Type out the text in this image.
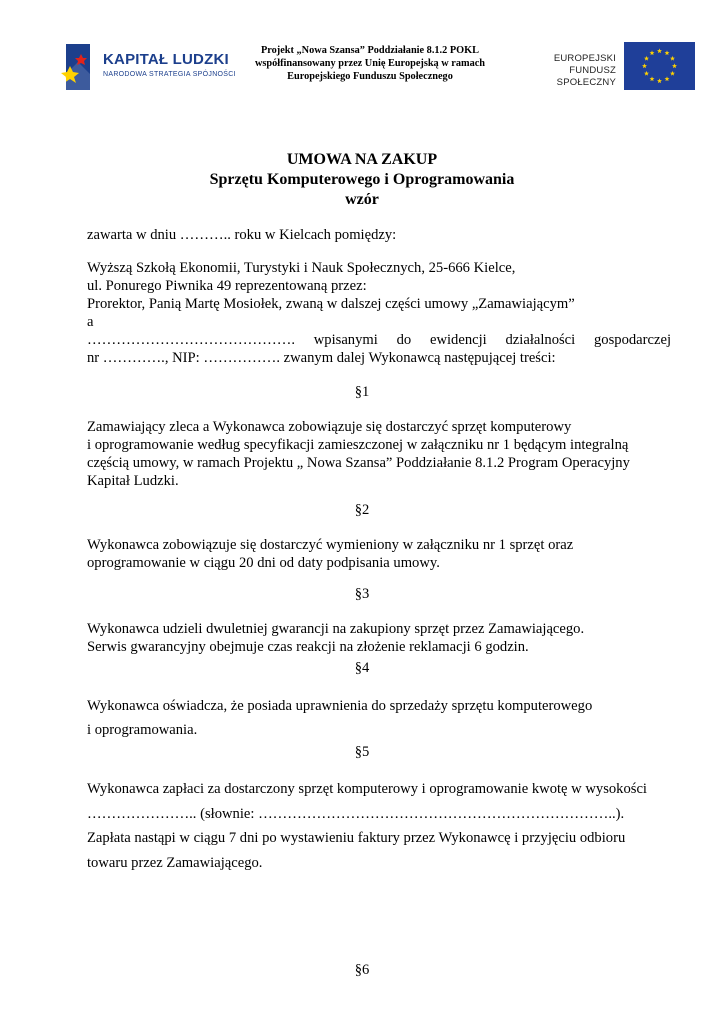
KAPITAŁ LUDZKI
NARODOWA STRATEGIA SPÓJNOŚCI
Projekt „Nowa Szansa” Poddziałanie 8.1.2 POKL
współfinansowany przez Unię Europejską w ramach
Europejskiego Funduszu Społecznego
EUROPEJSKI
FUNDUSZ SPOŁECZNY
UMOWA NA ZAKUP
Sprzętu Komputerowego i Oprogramowania
wzór
zawarta w dniu ……….. roku w Kielcach pomiędzy:
Wyższą Szkołą Ekonomii, Turystyki i Nauk Społecznych, 25-666 Kielce,
ul. Ponurego Piwnika 49 reprezentowaną przez:
Prorektor, Panią Martę Mosiołek, zwaną w dalszej części umowy „Zamawiającym”
a
……………………………………. wpisanymi do ewidencji działalności gospodarczej
nr …………., NIP: ……………. zwanym dalej Wykonawcą następującej treści:
§1
Zamawiający zleca a Wykonawca zobowiązuje się dostarczyć sprzęt komputerowy
i oprogramowanie według specyfikacji zamieszczonej w załączniku nr 1 będącym integralną
częścią umowy, w ramach Projektu „ Nowa Szansa” Poddziałanie 8.1.2 Program Operacyjny
Kapitał Ludzki.
§2
Wykonawca zobowiązuje się dostarczyć wymieniony w załączniku nr 1 sprzęt oraz
oprogramowanie w ciągu 20 dni od daty podpisania umowy.
§3
Wykonawca udzieli dwuletniej gwarancji na zakupiony sprzęt przez Zamawiającego.
Serwis gwarancyjny obejmuje czas reakcji na złożenie reklamacji 6 godzin.
§4
Wykonawca oświadcza, że posiada uprawnienia do sprzedaży sprzętu komputerowego
i oprogramowania.
§5
Wykonawca zapłaci za dostarczony sprzęt komputerowy i oprogramowanie kwotę w wysokości
………………….. (słownie: ………………………………………………………………..).
Zapłata nastąpi w ciągu 7 dni po wystawieniu faktury przez Wykonawcę i przyjęciu odbioru
towaru przez Zamawiającego.
§6
